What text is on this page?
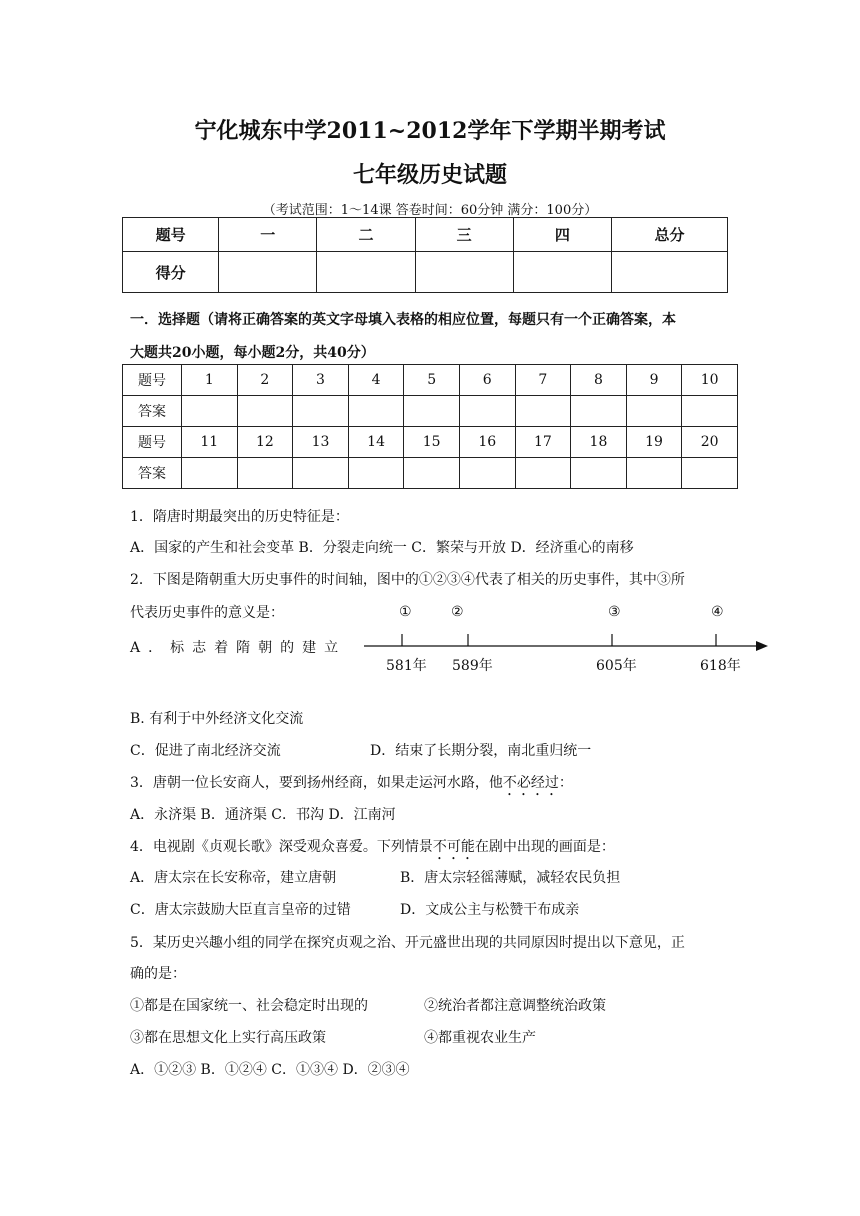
宁化城东中学2011~2012学年下学期半期考试
七年级历史试题
（考试范围：1～14课 答卷时间：60分钟 满分：100分）
题号	一	二	三	四	总分
得分					
一．选择题（请将正确答案的英文字母填入表格的相应位置，每题只有一个正确答案，本
大题共20小题，每小题2分，共40分）
题号	1	2	3	4	5	6	7	8	9	10
答案										
题号	11	12	13	14	15	16	17	18	19	20
答案										
1．隋唐时期最突出的历史特征是：
A．国家的产生和社会变革 B．分裂走向统一 C．繁荣与开放 D．经济重心的南移
2．下图是隋朝重大历史事件的时间轴，图中的①②③④代表了相关的历史事件，其中③所
代表历史事件的意义是：
A．标志着隋朝的建立
①	②	③	④
581年 589年	605年	618年
B. 有利于中外经济文化交流
C．促进了南北经济交流	D．结束了长期分裂，南北重归统一
3．唐朝一位长安商人，要到扬州经商，如果走运河水路，他不必经过：
A．永济渠 B．通济渠 C．邗沟 D．江南河
4．电视剧《贞观长歌》深受观众喜爱。下列情景不可能在剧中出现的画面是：
A．唐太宗在长安称帝，建立唐朝	B．唐太宗轻徭薄赋，减轻农民负担
C．唐太宗鼓励大臣直言皇帝的过错	D．文成公主与松赞干布成亲
5．某历史兴趣小组的同学在探究贞观之治、开元盛世出现的共同原因时提出以下意见，正
确的是：
①都是在国家统一、社会稳定时出现的	②统治者都注意调整统治政策
③都在思想文化上实行高压政策	④都重视农业生产
A．①②③ B．①②④ C．①③④ D．②③④
